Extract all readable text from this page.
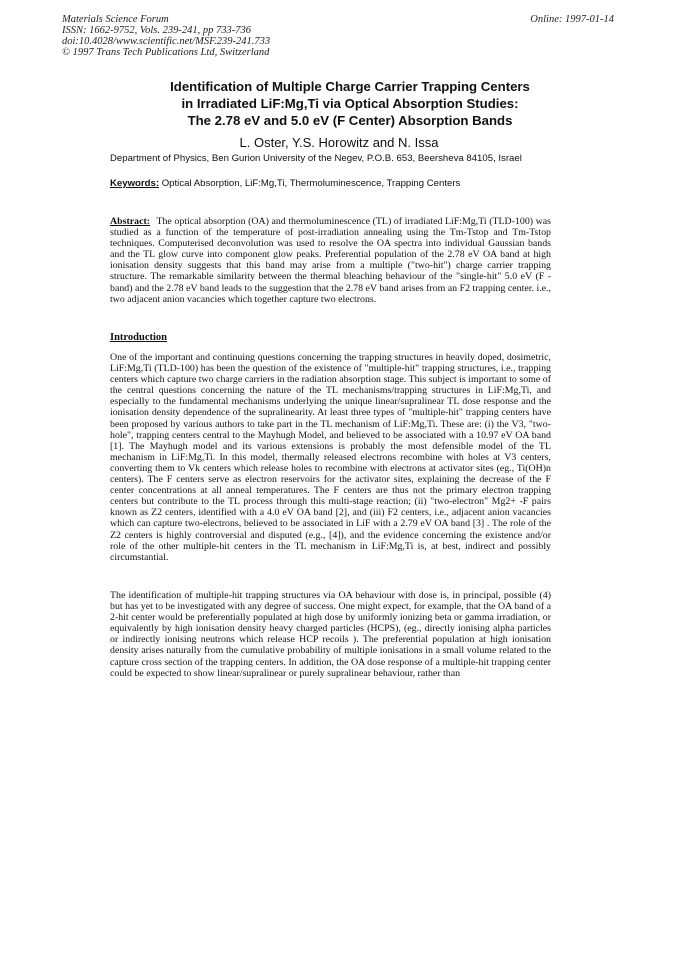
Materials Science Forum
ISSN: 1662-9752, Vols. 239-241, pp 733-736
doi:10.4028/www.scientific.net/MSF.239-241.733
© 1997 Trans Tech Publications Ltd, Switzerland
Online: 1997-01-14
Identification of Multiple Charge Carrier Trapping Centers
in Irradiated LiF:Mg,Ti via Optical Absorption Studies:
The 2.78 eV and 5.0 eV (F Center) Absorption Bands
L. Oster, Y.S. Horowitz and N. Issa
Department of Physics, Ben Gurion University of the Negev, P.O.B. 653, Beersheva 84105, Israel
Keywords: Optical Absorption, LiF:Mg,Ti, Thermoluminescence, Trapping Centers
Abstract: The optical absorption (OA) and thermoluminescence (TL) of irradiated LiF:Mg,Ti (TLD-100) was studied as a function of the temperature of post-irradiation annealing using the Tm-Tstop and Tm-Tstop techniques. Computerised deconvolution was used to resolve the OA spectra into individual Gaussian bands and the TL glow curve into component glow peaks. Preferential population of the 2.78 eV OA band at high ionisation density suggests that this band may arise from a multiple ("two-hit") charge carrier trapping structure. The remarkable similarity between the thermal bleaching behaviour of the "single-hit" 5.0 eV (F -band) and the 2.78 eV band leads to the suggestion that the 2.78 eV band arises from an F2 trapping center. i.e., two adjacent anion vacancies which together capture two electrons.
Introduction

One of the important and continuing questions concerning the trapping structures in heavily doped, dosimetric, LiF:Mg,Ti (TLD-100) has been the question of the existence of "multiple-hit" trapping structures, i.e., trapping centers which capture two charge carriers in the radiation absorption stage. This subject is important to some of the central questions concerning the nature of the TL mechanisms/trapping structures in LiF:Mg,Ti, and especially to the fundamental mechanisms underlying the unique linear/supralinear TL dose response and the ionisation density dependence of the supralinearity. At least three types of "multiple-hit" trapping centers have been proposed by various authors to take part in the TL mechanism of LiF:Mg,Ti. These are: (i) the V3, "two-hole", trapping centers central to the Mayhugh Model, and believed to be associated with a 10.97 eV OA band [1]. The Mayhugh model and its various extensions is probably the most defensible model of the TL mechanism in LiF:Mg,Ti. In this model, thermally released electrons recombine with holes at V3 centers, converting them to Vk centers which release holes to recombine with electrons at activator sites (eg., Ti(OH)n centers). The F centers serve as electron reservoirs for the activator sites, explaining the decrease of the F center concentrations at all anneal temperatures. The F centers are thus not the primary electron trapping centers but contribute to the TL process through this multi-stage reaction; (ii) "two-electron" Mg2+ -F pairs known as Z2 centers, identified with a 4.0 eV OA band [2], and (iii) F2 centers, i.e., adjacent anion vacancies which can capture two-electrons, believed to be associated in LiF with a 2.79 eV OA band [3] . The role of the Z2 centers is highly controversial and disputed (e.g., [4]), and the evidence concerning the existence and/or role of the other multiple-hit centers in the TL mechanism in LiF:Mg,Ti is, at best, indirect and possibly circumstantial.

The identification of multiple-hit trapping structures via OA behaviour with dose is, in principal, possible (4) but has yet to be investigated with any degree of success. One might expect, for example, that the OA band of a 2-hit center would be preferentially populated at high dose by uniformly ionizing beta or gamma irradiation, or equivalently by high ionisation density heavy charged particles (HCPS), (eg., directly ionising alpha particles or indirectly ionising neutrons which release HCP recoils ). The preferential population at high ionisation density arises naturally from the cumulative probability of multiple ionisations in a small volume related to the capture cross section of the trapping centers. In addition, the OA dose response of a multiple-hit trapping center could be expected to show linear/supralinear or purely supralinear behaviour, rather than
